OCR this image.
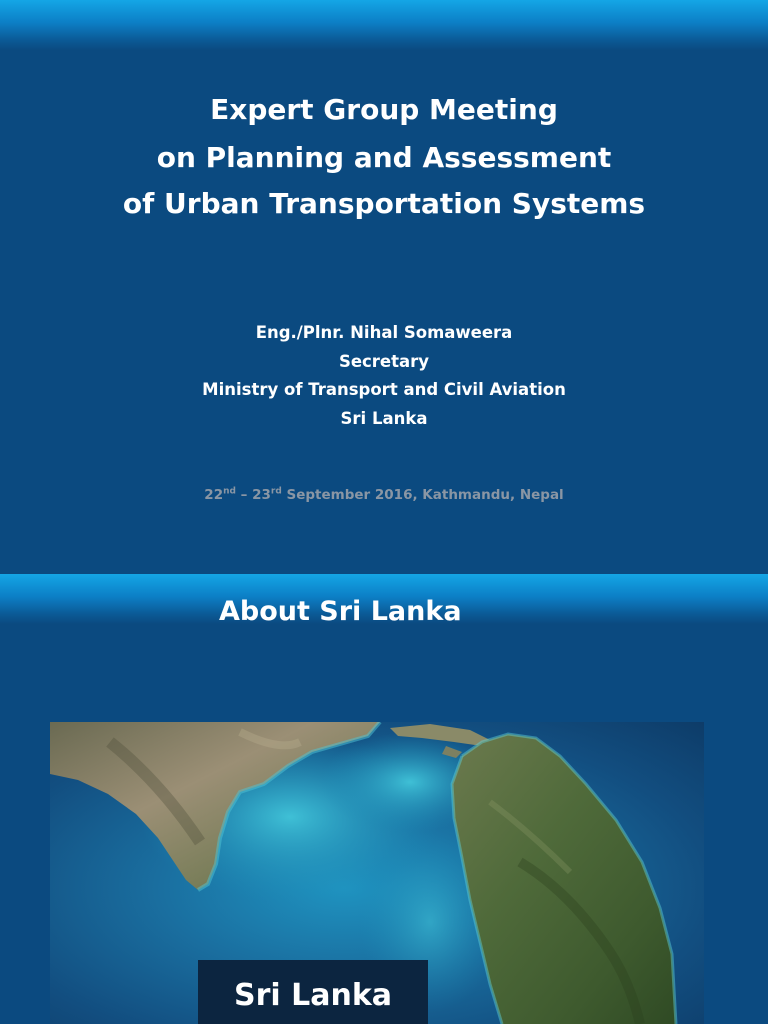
Expert Group Meeting
on Planning and Assessment
of Urban Transportation Systems
Eng./Plnr. Nihal Somaweera
Secretary
Ministry of Transport and Civil Aviation
Sri Lanka
22nd – 23rd September 2016, Kathmandu, Nepal
About Sri Lanka
Sri Lanka
